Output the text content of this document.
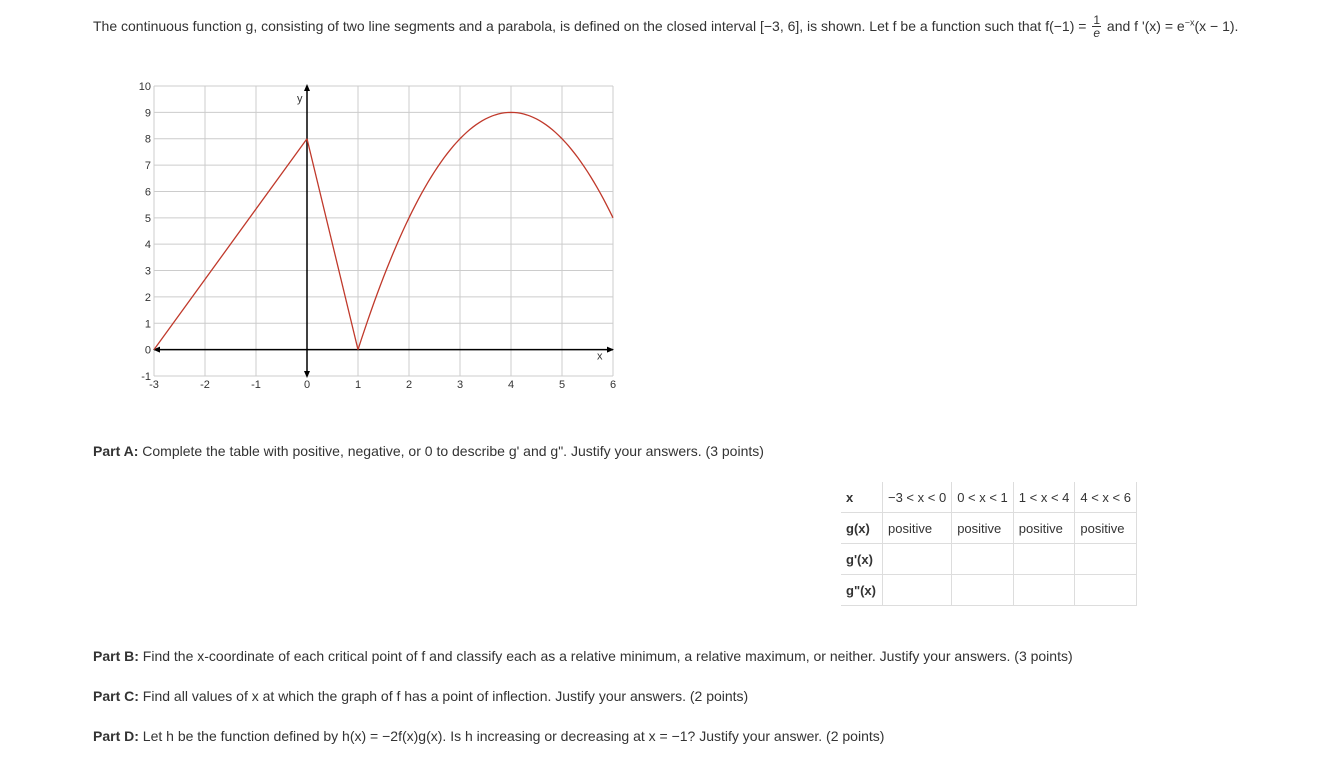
The continuous function g, consisting of two line segments and a parabola, is defined on the closed interval [−3, 6], is shown. Let f be a function such that $f(-1) = \frac{1}{e}$ and f '$(x) = e^{-x}(x - 1)$.
y
x
-3	-2	-1	0	1	2	3	4	5	6
-1
0
1
2
3
4
5
6
7
8
9
10
Part A: Complete the table with positive, negative, or 0 to describe g' and g". Justify your answers. (3 points)
x	−3 < x < 0	0 < x < 1	1 < x < 4	4 < x < 6
g(x)	positive	positive	positive	positive
g'(x)				
g"(x)				
Part B: Find the x-coordinate of each critical point of f and classify each as a relative minimum, a relative maximum, or neither. Justify your answers. (3 points)
Part C: Find all values of x at which the graph of f has a point of inflection. Justify your answers. (2 points)
Part D: Let h be the function defined by h(x) = −2f(x)g(x). Is h increasing or decreasing at x = −1? Justify your answer. (2 points)
